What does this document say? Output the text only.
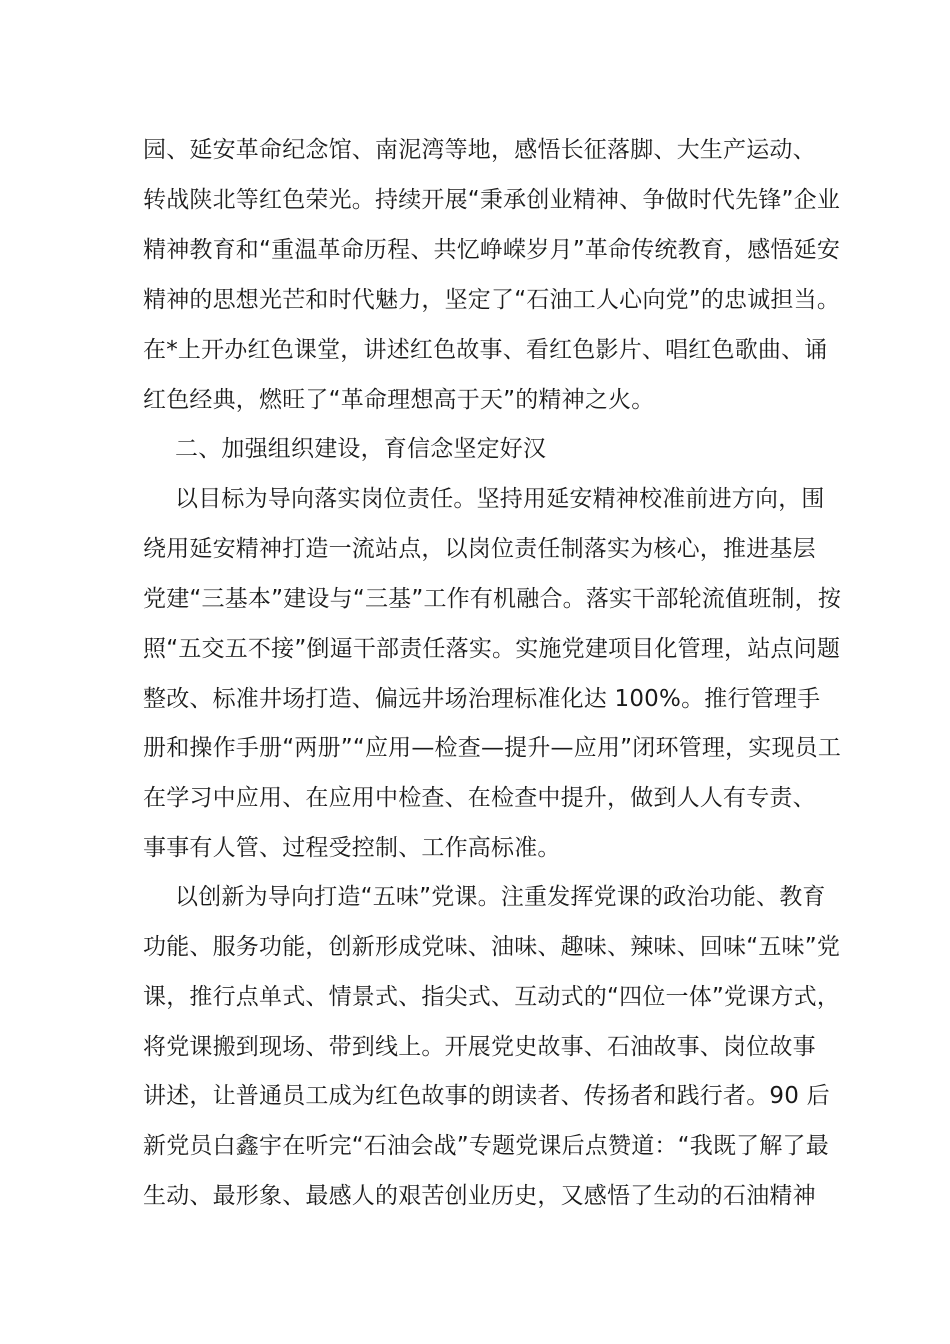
园、延安革命纪念馆、南泥湾等地，感悟长征落脚、大生产运动、
转战陕北等红色荣光。持续开展“秉承创业精神、争做时代先锋”企业
精神教育和“重温革命历程、共忆峥嵘岁月”革命传统教育，感悟延安
精神的思想光芒和时代魅力，坚定了“石油工人心向党”的忠诚担当。
在*上开办红色课堂，讲述红色故事、看红色影片、唱红色歌曲、诵
红色经典，燃旺了“革命理想高于天”的精神之火。
二、加强组织建设，育信念坚定好汉
以目标为导向落实岗位责任。坚持用延安精神校准前进方向，围
绕用延安精神打造一流站点，以岗位责任制落实为核心，推进基层
党建“三基本”建设与“三基”工作有机融合。落实干部轮流值班制，按
照“五交五不接”倒逼干部责任落实。实施党建项目化管理，站点问题
整改、标准井场打造、偏远井场治理标准化达 100%。推行管理手
册和操作手册“两册”“应用—检查—提升—应用”闭环管理，实现员工
在学习中应用、在应用中检查、在检查中提升，做到人人有专责、
事事有人管、过程受控制、工作高标准。
以创新为导向打造“五味”党课。注重发挥党课的政治功能、教育
功能、服务功能，创新形成党味、油味、趣味、辣味、回味“五味”党
课，推行点单式、情景式、指尖式、互动式的“四位一体”党课方式，
将党课搬到现场、带到线上。开展党史故事、石油故事、岗位故事
讲述，让普通员工成为红色故事的朗读者、传扬者和践行者。90 后
新党员白鑫宇在听完“石油会战”专题党课后点赞道：“我既了解了最
生动、最形象、最感人的艰苦创业历史，又感悟了生动的石油精神
